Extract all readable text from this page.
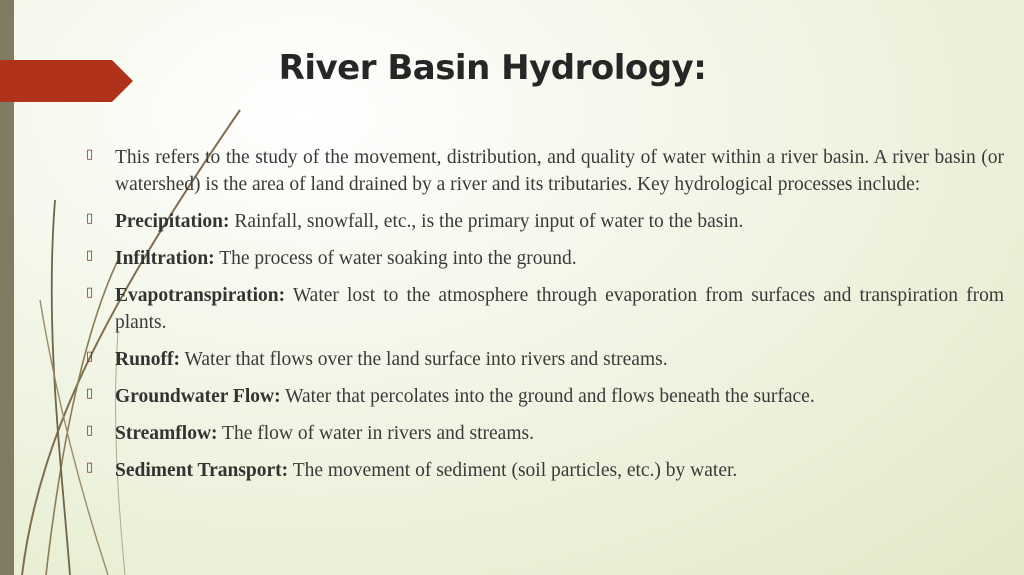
River Basin Hydrology:
▯ This refers to the study of the movement, distribution, and quality of water within a river basin. A river basin (or watershed) is the area of land drained by a river and its tributaries. Key hydrological processes include:
▯ Precipitation: Rainfall, snowfall, etc., is the primary input of water to the basin.
▯ Infiltration: The process of water soaking into the ground.
▯ Evapotranspiration: Water lost to the atmosphere through evaporation from surfaces and transpiration from plants.
▯ Runoff: Water that flows over the land surface into rivers and streams.
▯ Groundwater Flow: Water that percolates into the ground and flows beneath the surface.
▯ Streamflow: The flow of water in rivers and streams.
▯ Sediment Transport: The movement of sediment (soil particles, etc.) by water.
